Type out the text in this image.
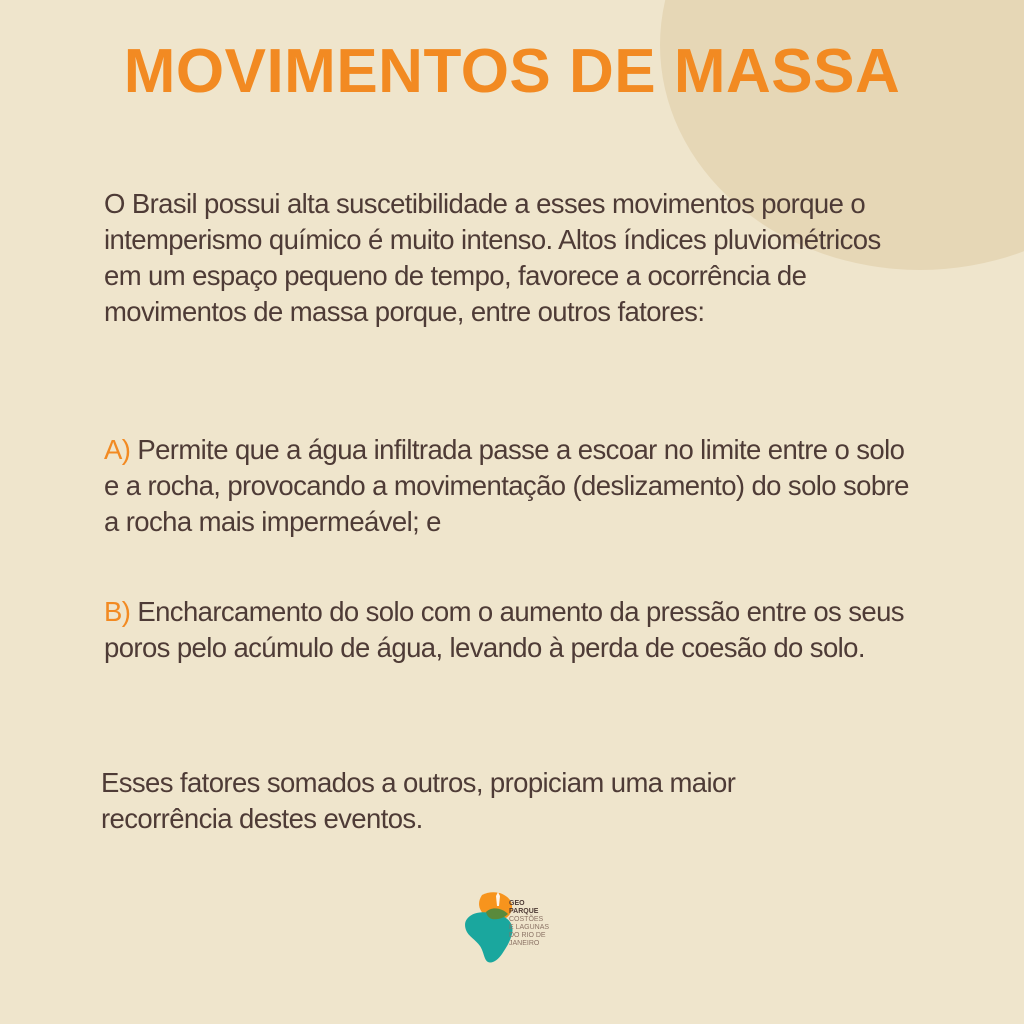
MOVIMENTOS DE MASSA

O Brasil possui alta suscetibilidade a esses movimentos porque o intemperismo químico é muito intenso. Altos índices pluviométricos em um espaço pequeno de tempo, favorece a ocorrência de movimentos de massa porque, entre outros fatores:

A) Permite que a água infiltrada passe a escoar no limite entre o solo e a rocha, provocando a movimentação (deslizamento) do solo sobre a rocha mais impermeável; e

B) Encharcamento do solo com o aumento da pressão entre os seus poros pelo acúmulo de água, levando à perda de coesão do solo.

Esses fatores somados a outros, propiciam uma maior recorrência destes eventos.

GEO
PARQUE
COSTÕES
E LAGUNAS
DO RIO DE
JANEIRO
